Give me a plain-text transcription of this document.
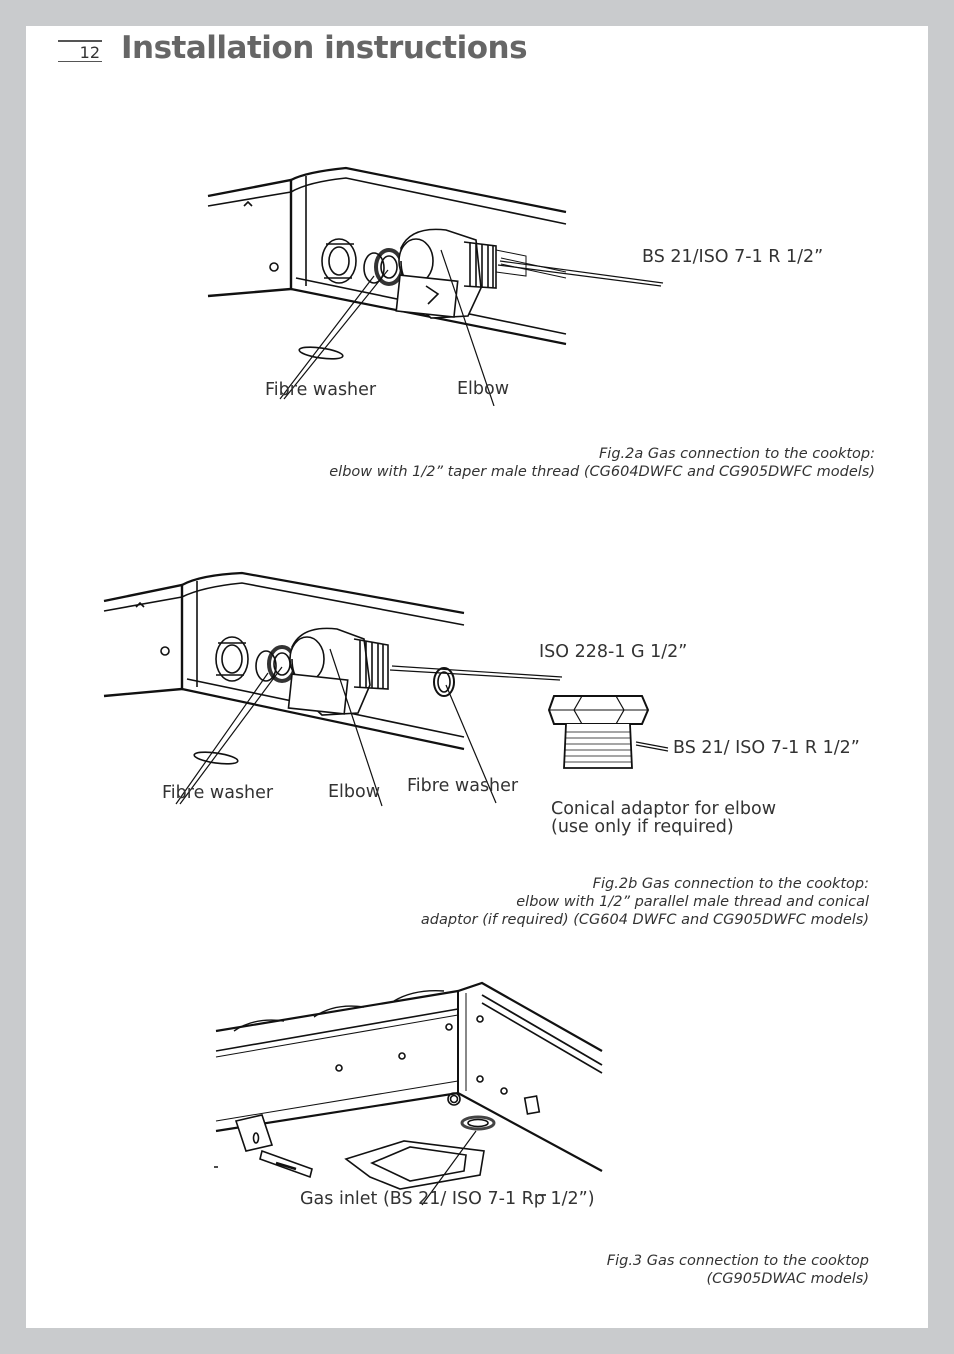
12 Installation instructions
BS 21/ISO 7-1 R 1/2”
Fibre washer	Elbow
Fig.2a Gas connection to the cooktop:
elbow with 1/2” taper male thread (CG604DWFC and CG905DWFC models)
ISO 228-1 G 1/2”
BS 21/ ISO 7-1 R 1/2”
Fibre washer	Elbow Fibre washer
Conical adaptor for elbow
(use only if required)
Fig.2b Gas connection to the cooktop:
elbow with 1/2” parallel male thread and conical
adaptor (if required) (CG604 DWFC and CG905DWFC models)
Gas inlet (BS 21/ ISO 7-1 Rp 1/2”)
Fig.3 Gas connection to the cooktop
(CG905DWAC models)
